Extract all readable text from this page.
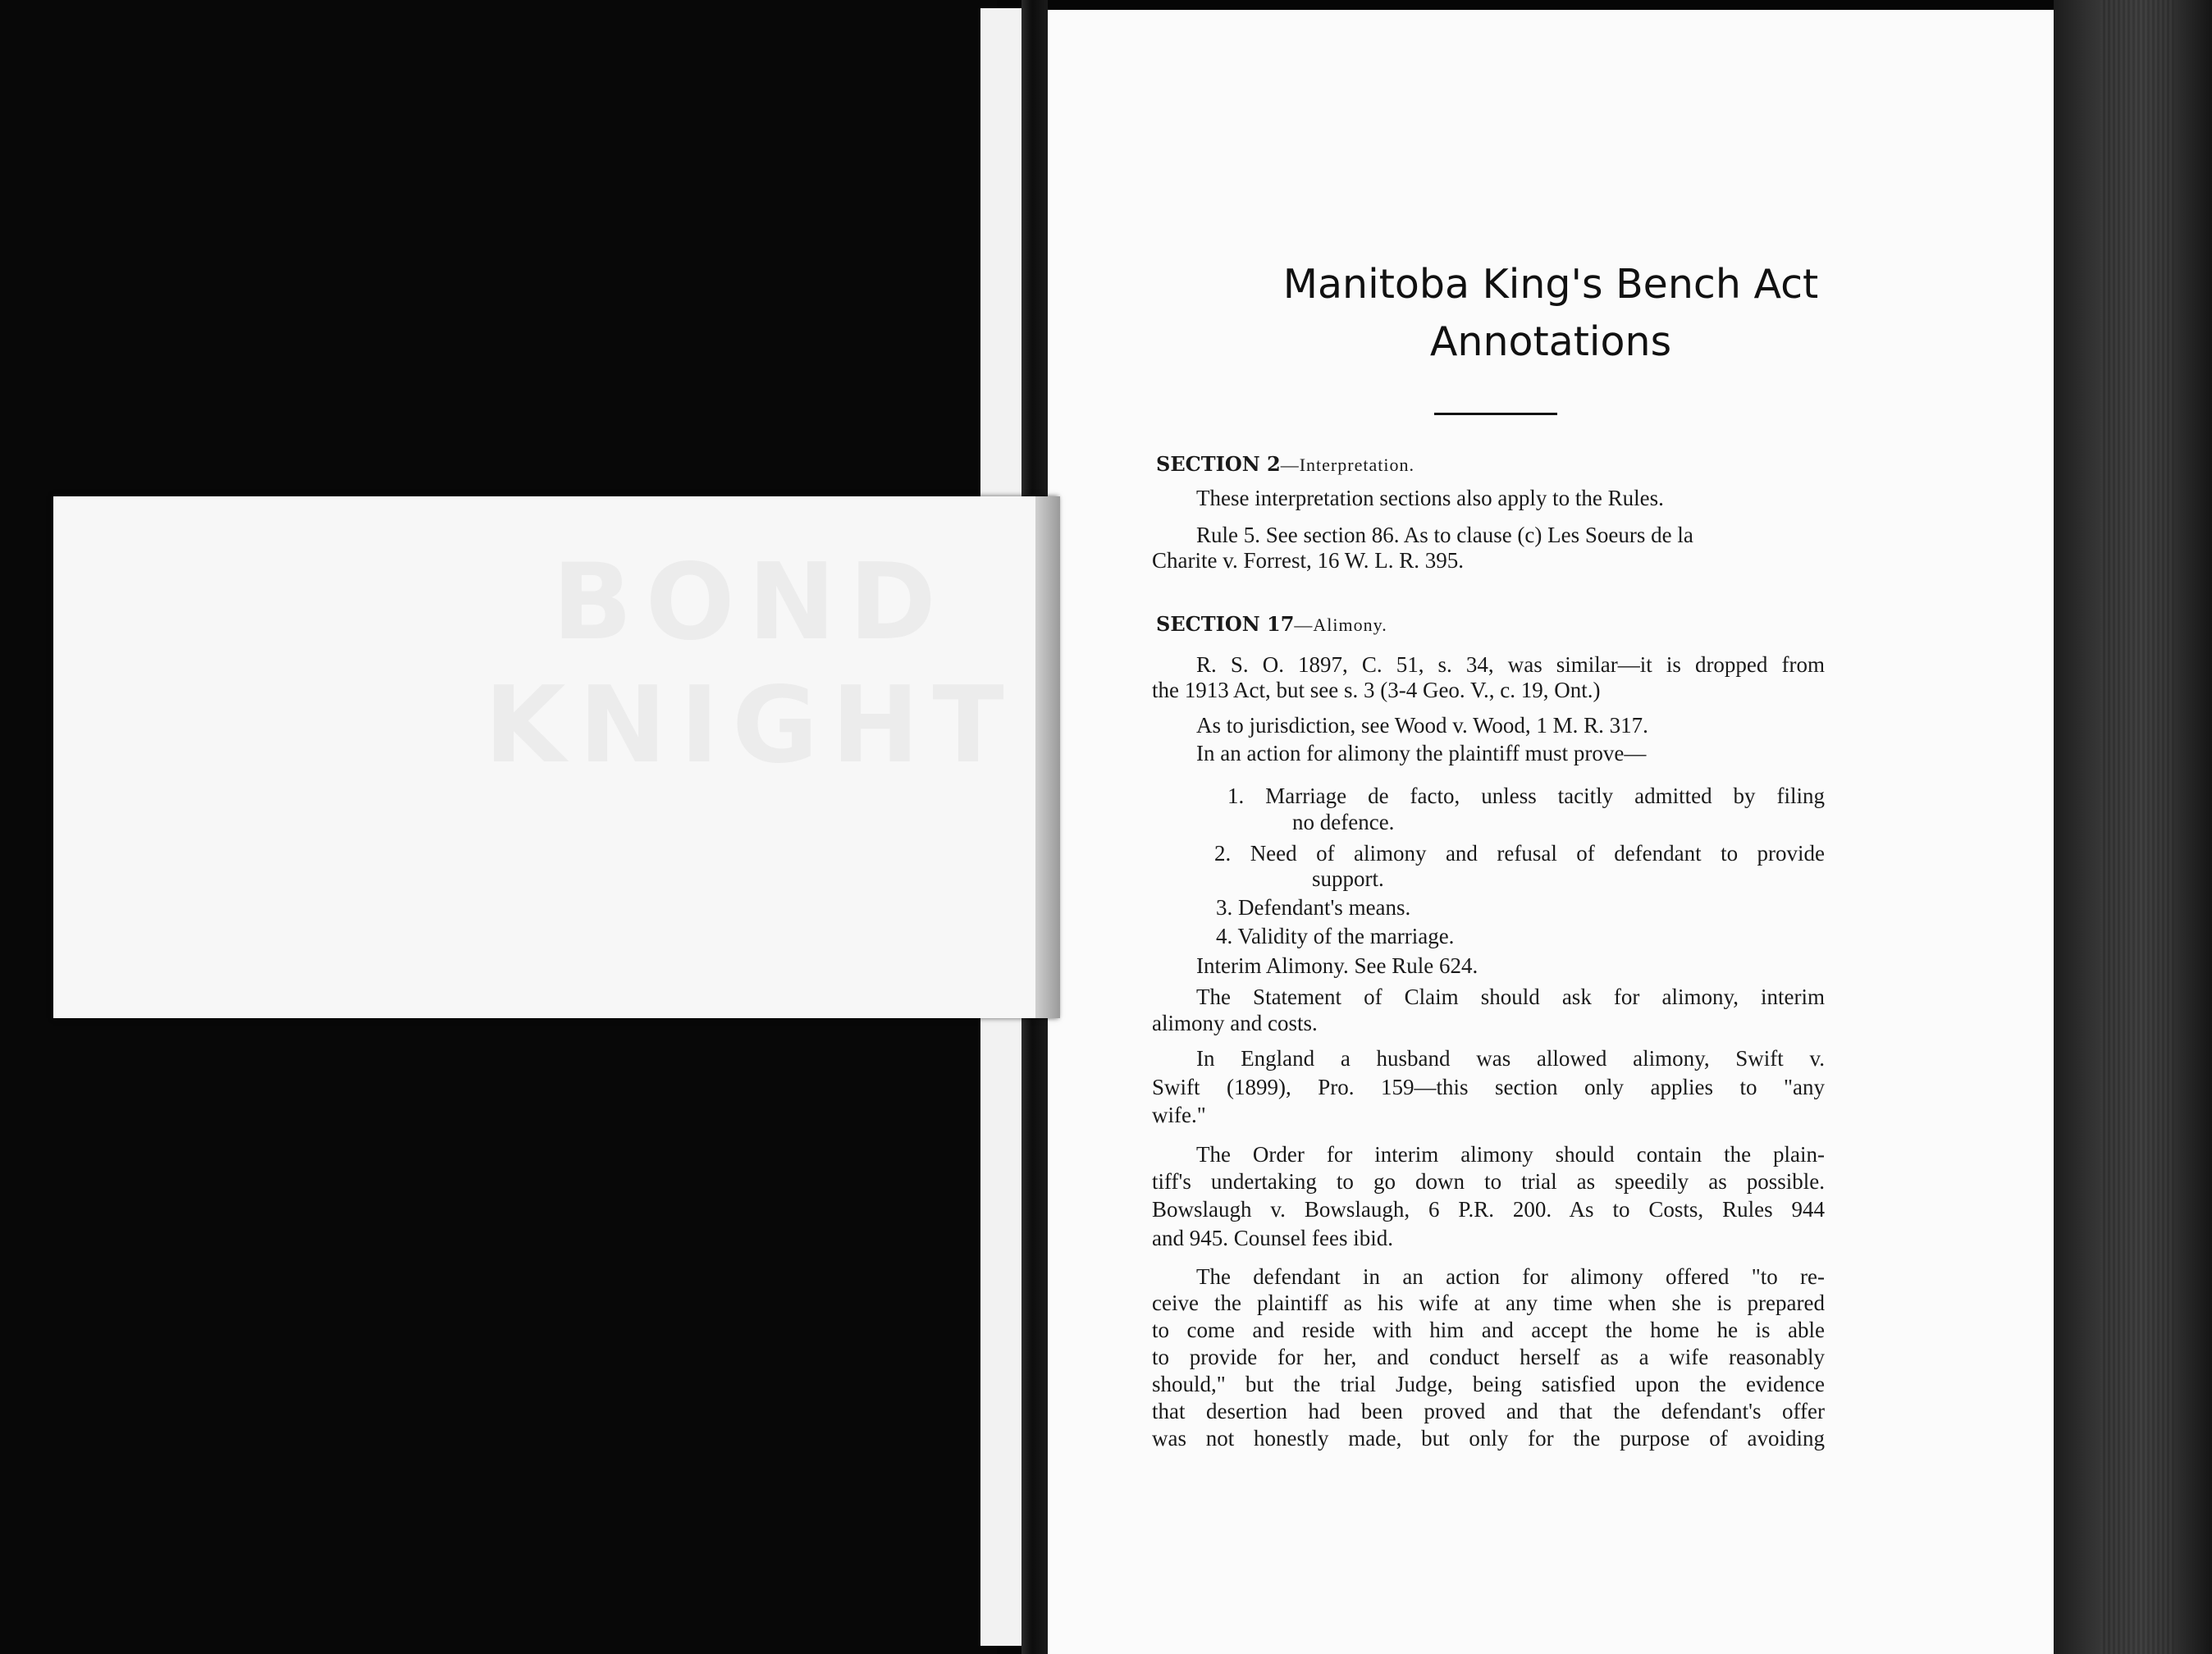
BOND
KNIGHT
Manitoba King's Bench Act
Annotations
SECTION 2—Interpretation.
These interpretation sections also apply to the Rules.
Rule 5. See section 86. As to clause (c) Les Soeurs de la
Charite v. Forrest, 16 W. L. R. 395.
SECTION 17—Alimony.
R. S. O. 1897, C. 51, s. 34, was similar—it is dropped from
the 1913 Act, but see s. 3 (3-4 Geo. V., c. 19, Ont.)
As to jurisdiction, see Wood v. Wood, 1 M. R. 317.
In an action for alimony the plaintiff must prove—
1. Marriage de facto, unless tacitly admitted by filing
no defence.
2. Need of alimony and refusal of defendant to provide
support.
3. Defendant's means.
4. Validity of the marriage.
Interim Alimony. See Rule 624.
The Statement of Claim should ask for alimony, interim
alimony and costs.
In England a husband was allowed alimony, Swift v.
Swift (1899), Pro. 159—this section only applies to "any
wife."
The Order for interim alimony should contain the plain-
tiff's undertaking to go down to trial as speedily as possible.
Bowslaugh v. Bowslaugh, 6 P.R. 200. As to Costs, Rules 944
and 945. Counsel fees ibid.
The defendant in an action for alimony offered "to re-
ceive the plaintiff as his wife at any time when she is prepared
to come and reside with him and accept the home he is able
to provide for her, and conduct herself as a wife reasonably
should," but the trial Judge, being satisfied upon the evidence
that desertion had been proved and that the defendant's offer
was not honestly made, but only for the purpose of avoiding
